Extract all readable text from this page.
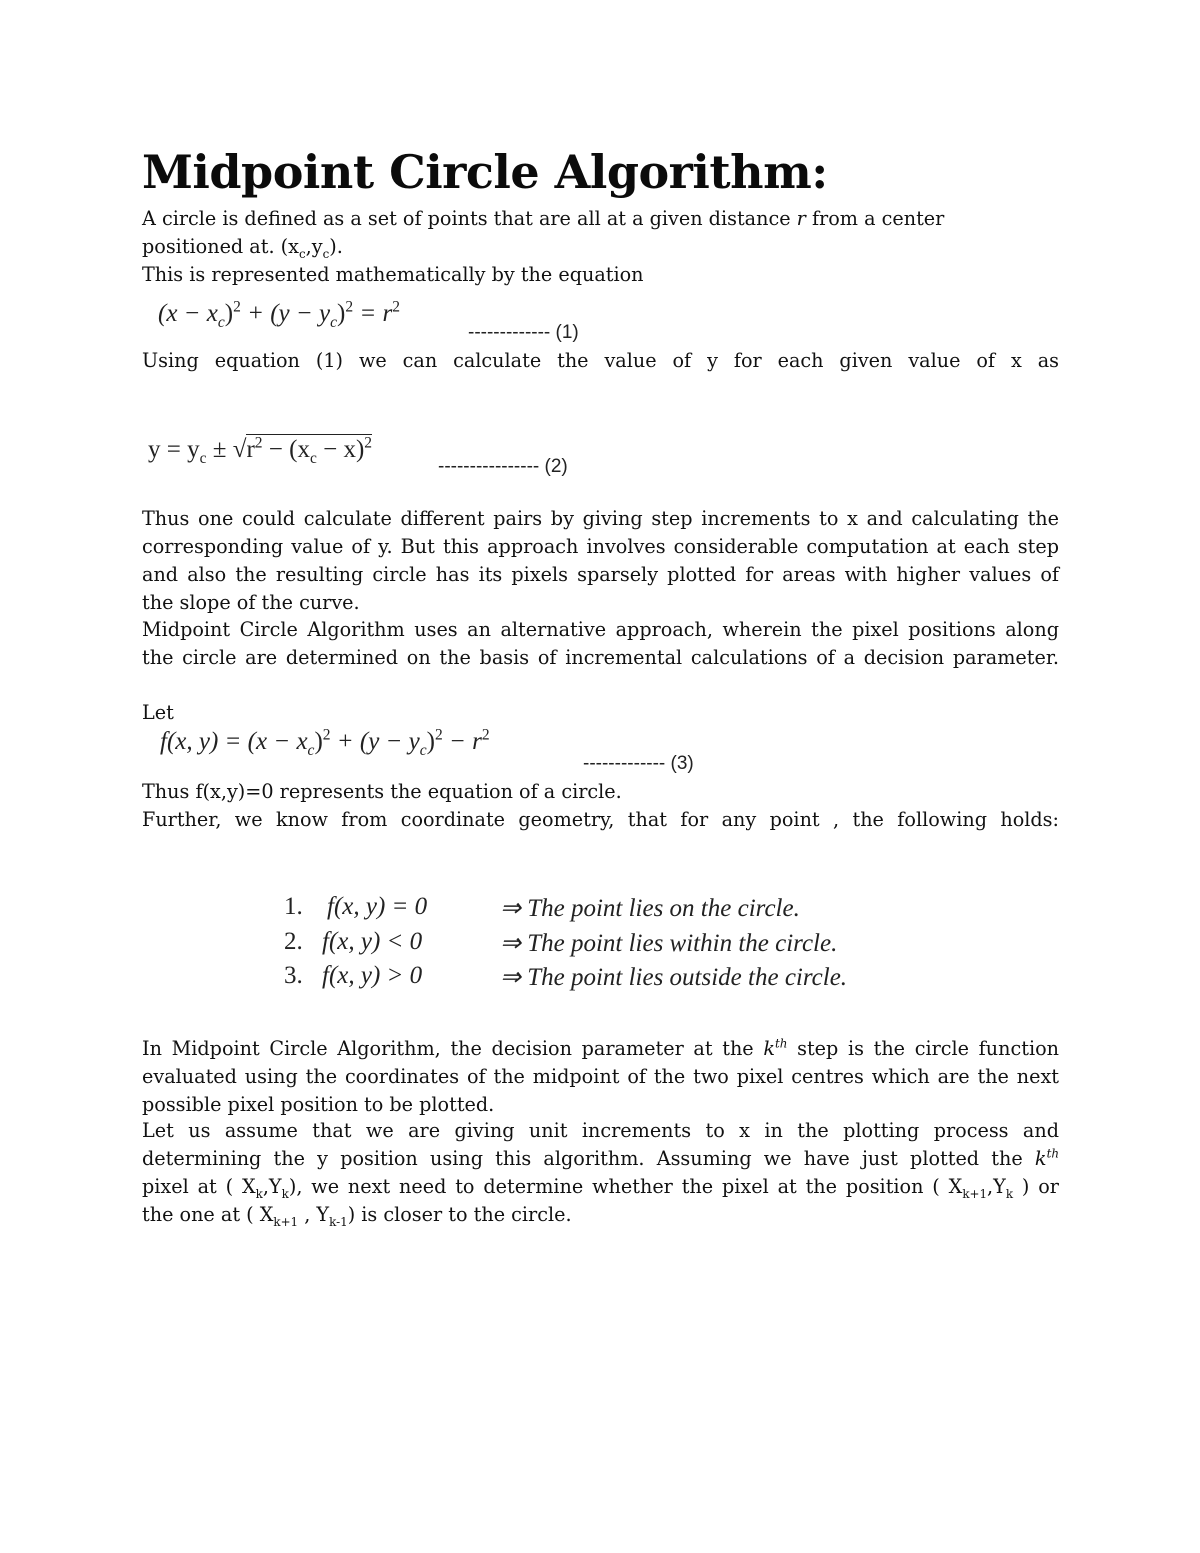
Midpoint Circle Algorithm:
A circle is defined as a set of points that are all at a given distance r from a center
positioned at. $(x_c,y_c)$.
This is represented mathematically by the equation
$(x - x_c)^2 + (y - y_c)^2 = r^2$
------------- (1)
Using equation (1) we can calculate the value of y for each given value of x as
$y = y_c \pm √r^2 - (x_c - x)^2$
---------------- (2)
Thus one could calculate different pairs by giving step increments to x and calculating the
corresponding value of y. But this approach involves considerable computation at each step
and also the resulting circle has its pixels sparsely plotted for areas with higher values of
the slope of the curve.
Midpoint Circle Algorithm uses an alternative approach, wherein the pixel positions along
the circle are determined on the basis of incremental calculations of a decision parameter.
Let
f(x, $y) = (x - x_c)^2 + (y - y_c)^2 - r^2$
------------- (3)
Thus f(x,y)=0 represents the equation of a circle.
Further, we know from coordinate geometry, that for any point , the following holds:
1. f(x, y) = 0	⇒ The point lies on the circle.
2. f(x, y) < 0	⇒ The point lies within the circle.
3. f(x, y) > 0	⇒ The point lies outside the circle.
In Midpoint Circle Algorithm, the decision parameter at the $k^{th}$ step is the circle function
evaluated using the coordinates of the midpoint of the two pixel centres which are the next
possible pixel position to be plotted.
Let us assume that we are giving unit increments to x in the plotting process and
determining the y position using this algorithm. Assuming we have just plotted the $k^{th}$
pixel at ( $X_k,Y_k$), we next need to determine whether the pixel at the position ( $X_{k+1},Y_k$ ) or
the one at ( $X_{k+1}$ , $Y_{k-1}$) is closer to the circle.
